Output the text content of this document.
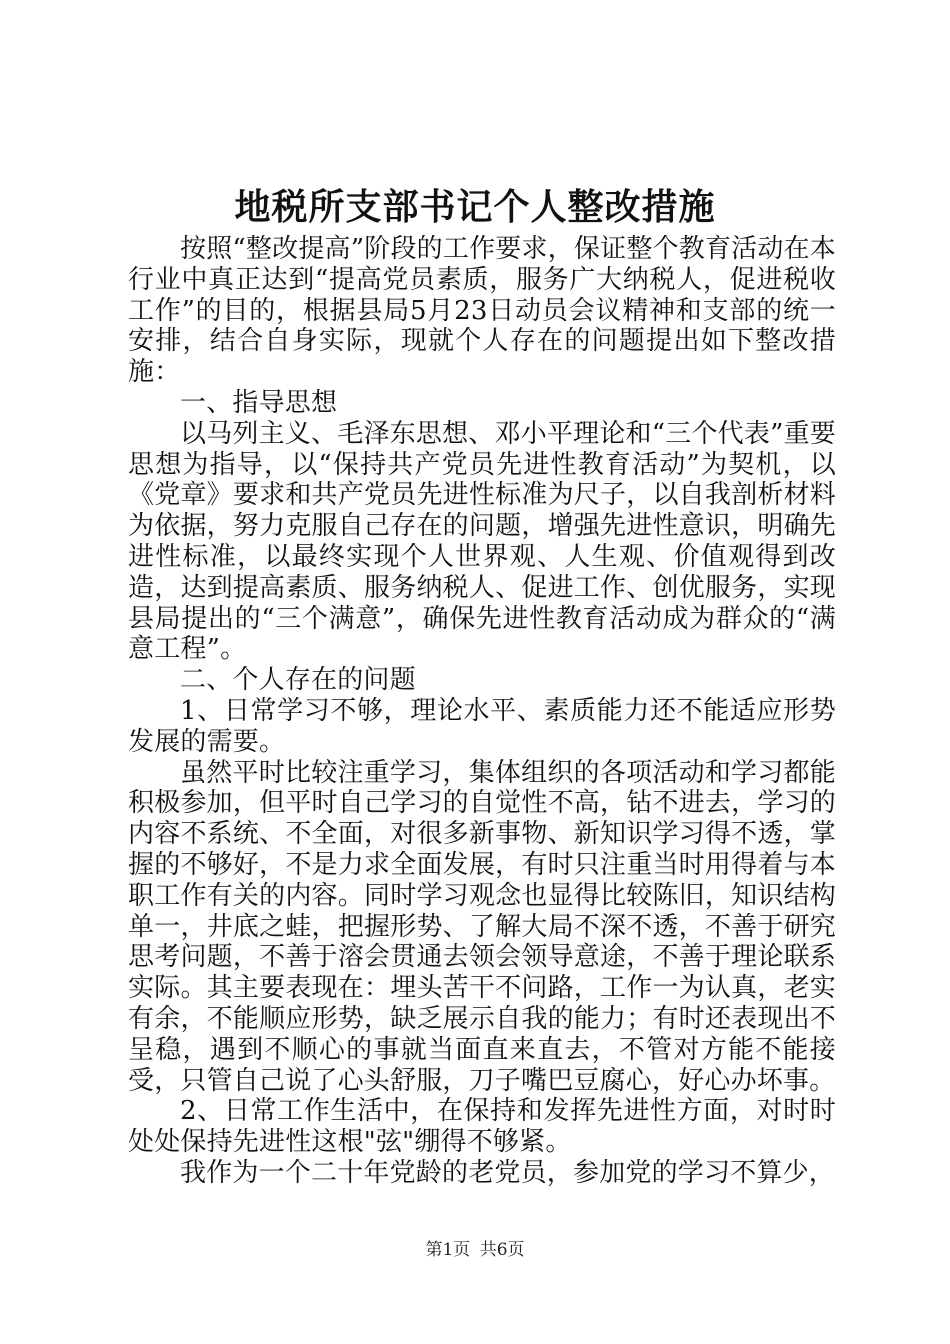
地税所支部书记个人整改措施

按照“整改提高”阶段的工作要求，保证整个教育活动在本行业中真正达到“提高党员素质，服务广大纳税人，促进税收工作”的目的，根据县局5月23日动员会议精神和支部的统一安排，结合自身实际，现就个人存在的问题提出如下整改措施：

一、指导思想

以马列主义、毛泽东思想、邓小平理论和“三个代表”重要思想为指导，以“保持共产党员先进性教育活动”为契机，以《党章》要求和共产党员先进性标准为尺子，以自我剖析材料为依据，努力克服自己存在的问题，增强先进性意识，明确先进性标准，以最终实现个人世界观、人生观、价值观得到改造，达到提高素质、服务纳税人、促进工作、创优服务，实现县局提出的“三个满意”，确保先进性教育活动成为群众的“满意工程”。

二、个人存在的问题

1、日常学习不够，理论水平、素质能力还不能适应形势发展的需要。

虽然平时比较注重学习，集体组织的各项活动和学习都能积极参加，但平时自己学习的自觉性不高，钻不进去，学习的内容不系统、不全面，对很多新事物、新知识学习得不透，掌握的不够好，不是力求全面发展，有时只注重当时用得着与本职工作有关的内容。同时学习观念也显得比较陈旧，知识结构单一，井底之蛙，把握形势、了解大局不深不透，不善于研究思考问题，不善于溶会贯通去领会领导意途，不善于理论联系实际。其主要表现在：埋头苦干不问路，工作一为认真，老实有余，不能顺应形势，缺乏展示自我的能力；有时还表现出不呈稳，遇到不顺心的事就当面直来直去，不管对方能不能接受，只管自己说了心头舒服，刀子嘴巴豆腐心，好心办坏事。

2、日常工作生活中，在保持和发挥先进性方面，对时时处处保持先进性这根"弦"绷得不够紧。

我作为一个二十年党龄的老党员，参加党的学习不算少，

第1页 共6页
